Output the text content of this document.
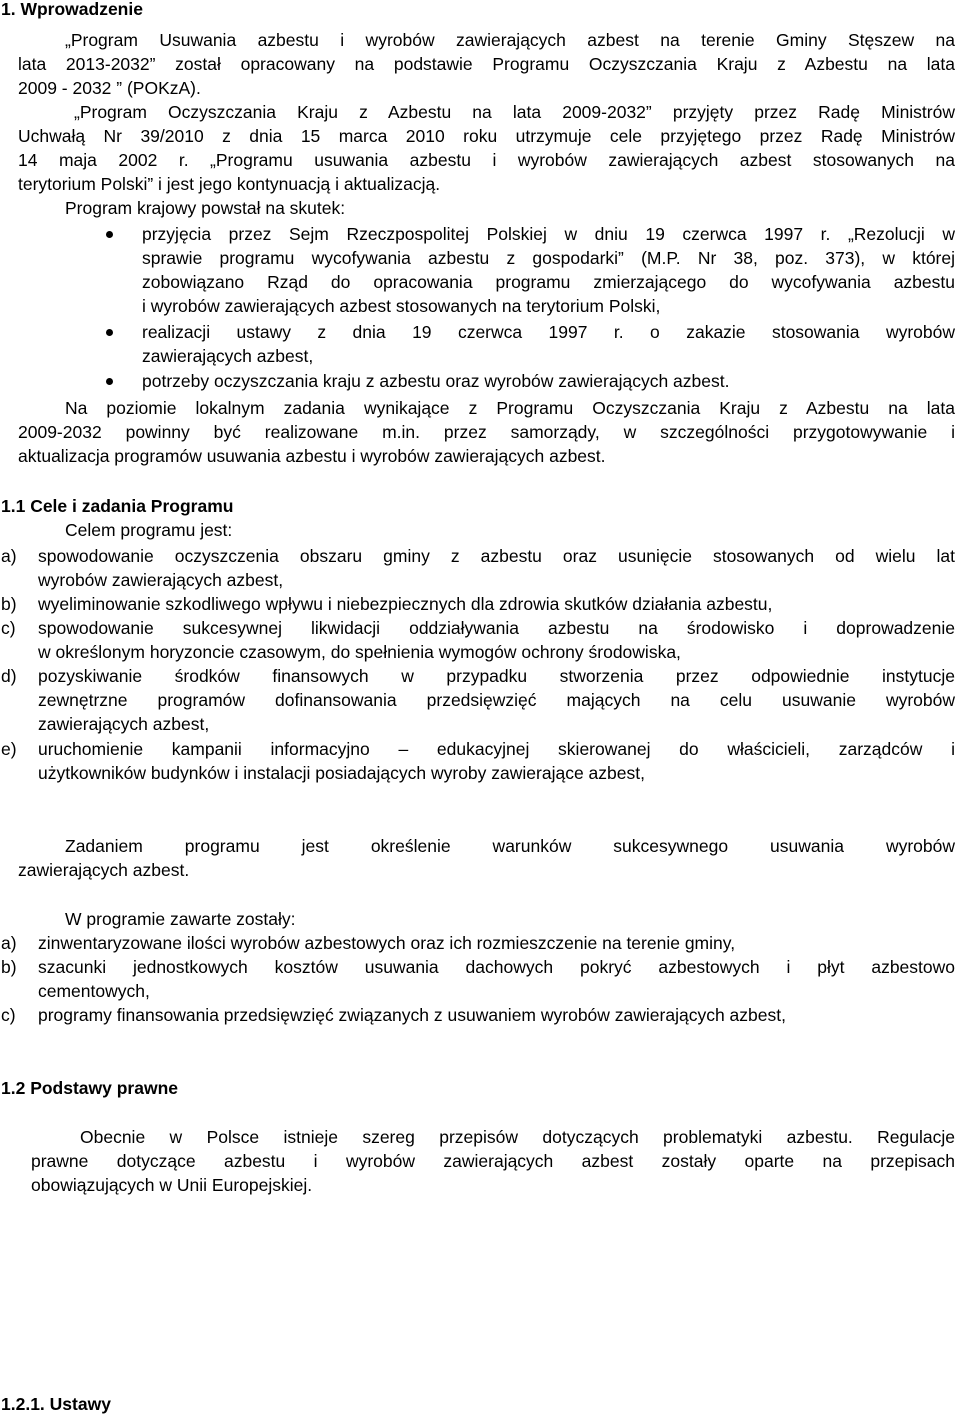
1. Wprowadzenie
„Program Usuwania azbestu i wyrobów zawierających azbest na terenie Gminy Stęszew na
lata 2013-2032” został opracowany na podstawie Programu Oczyszczania Kraju z Azbestu na lata
2009 - 2032 ” (POKzA).
„Program Oczyszczania Kraju z Azbestu na lata 2009-2032” przyjęty przez Radę Ministrów
Uchwałą Nr 39/2010 z dnia 15 marca 2010 roku utrzymuje cele przyjętego przez Radę Ministrów
14 maja 2002 r. „Programu usuwania azbestu i wyrobów zawierających azbest stosowanych na
terytorium Polski” i jest jego kontynuacją i aktualizacją.
Program krajowy powstał na skutek:
przyjęcia przez Sejm Rzeczpospolitej Polskiej w dniu 19 czerwca 1997 r. „Rezolucji w
sprawie programu wycofywania azbestu z gospodarki” (M.P. Nr 38, poz. 373), w której
zobowiązano Rząd do opracowania programu zmierzającego do wycofywania azbestu
i wyrobów zawierających azbest stosowanych na terytorium Polski,
realizacji ustawy z dnia 19 czerwca 1997 r. o zakazie stosowania wyrobów
zawierających azbest,
potrzeby oczyszczania kraju z azbestu oraz wyrobów zawierających azbest.
Na poziomie lokalnym zadania wynikające z Programu Oczyszczania Kraju z Azbestu na lata
2009-2032 powinny być realizowane m.in. przez samorządy, w szczególności przygotowywanie i
aktualizacja programów usuwania azbestu i wyrobów zawierających azbest.
1.1 Cele i zadania Programu
Celem programu jest:
a) spowodowanie oczyszczenia obszaru gminy z azbestu oraz usunięcie stosowanych od wielu lat
wyrobów zawierających azbest,
b) wyeliminowanie szkodliwego wpływu i niebezpiecznych dla zdrowia skutków działania azbestu,
c) spowodowanie sukcesywnej likwidacji oddziaływania azbestu na środowisko i doprowadzenie
w określonym horyzoncie czasowym, do spełnienia wymogów ochrony środowiska,
d) pozyskiwanie środków finansowych w przypadku stworzenia przez odpowiednie instytucje
zewnętrzne programów dofinansowania przedsięwzięć mających na celu usuwanie wyrobów
zawierających azbest,
e) uruchomienie kampanii informacyjno – edukacyjnej skierowanej do właścicieli, zarządców i
użytkowników budynków i instalacji posiadających wyroby zawierające azbest,
Zadaniem programu jest określenie warunków sukcesywnego usuwania wyrobów
zawierających azbest.
W programie zawarte zostały:
a) zinwentaryzowane ilości wyrobów azbestowych oraz ich rozmieszczenie na terenie gminy,
b) szacunki jednostkowych kosztów usuwania dachowych pokryć azbestowych i płyt azbestowo
cementowych,
c) programy finansowania przedsięwzięć związanych z usuwaniem wyrobów zawierających azbest,
1.2 Podstawy prawne
Obecnie w Polsce istnieje szereg przepisów dotyczących problematyki azbestu. Regulacje
prawne dotyczące azbestu i wyrobów zawierających azbest zostały oparte na przepisach
obowiązujących w Unii Europejskiej.
1.2.1. Ustawy
